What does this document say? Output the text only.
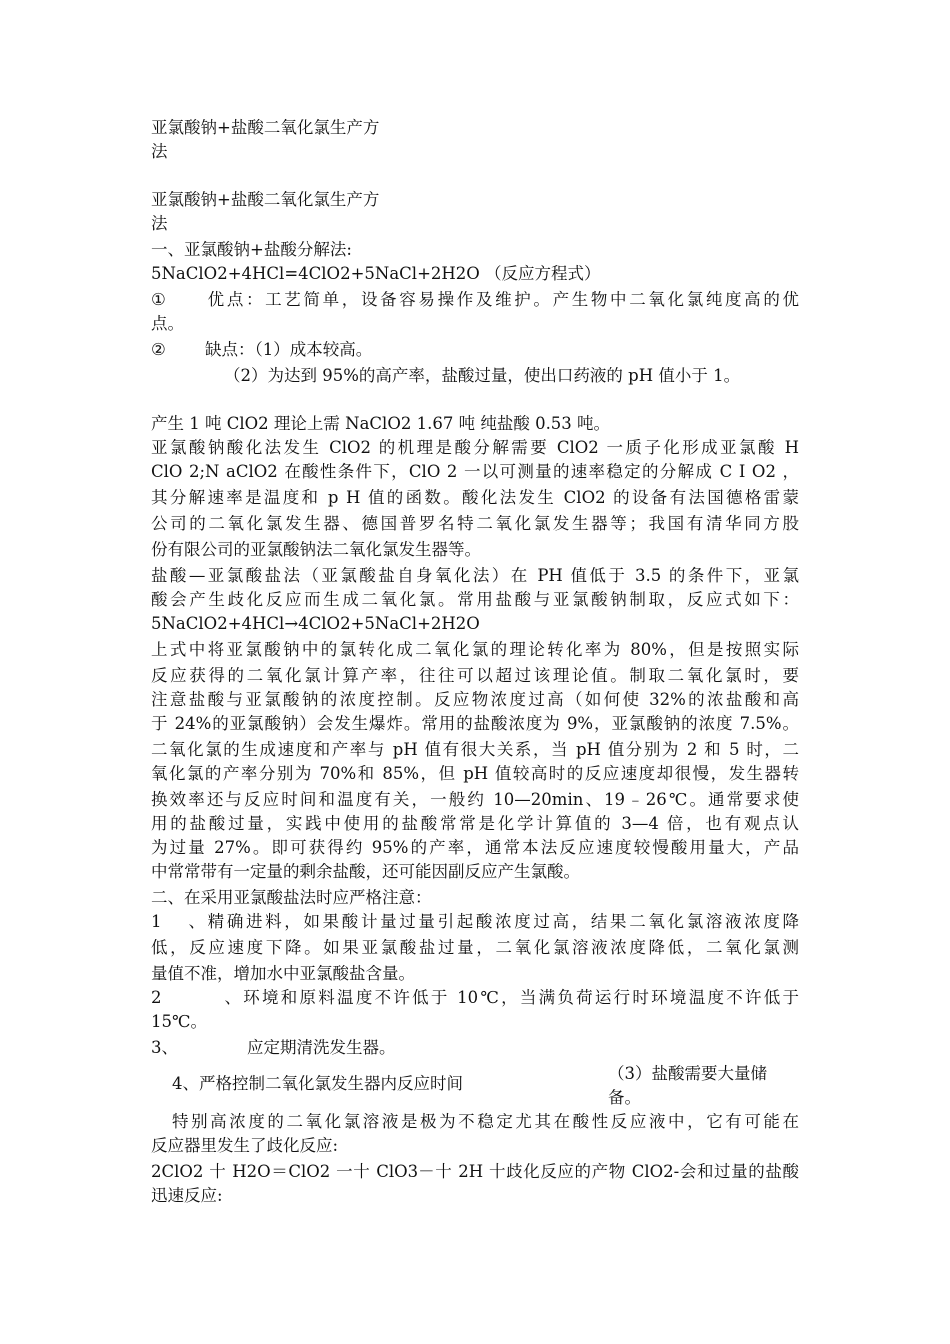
亚氯酸钠+盐酸二氧化氯生产方
法
亚氯酸钠+盐酸二氧化氯生产方
法
一、亚氯酸钠+盐酸分解法:
5NaClO2+4HCl=4ClO2+5NaCl+2H2O （反应方程式）
① 优点：工艺简单，设备容易操作及维护。产生物中二氧化氯纯度高的优
点。
② 缺点：（1）成本较高。
（2）为达到 95%的高产率，盐酸过量，使出口药液的 pH 值小于 1。
产生 1 吨 ClO2 理论上需 NaClO2 1.67 吨 纯盐酸 0.53 吨。
亚氯酸钠酸化法发生 ClO2 的机理是酸分解需要 ClO2 一质子化形成亚氯酸 H
ClO 2;N aClO2 在酸性条件下，ClO 2 一以可测量的速率稳定的分解成 C I O2 ，
其分解速率是温度和 p H 值的函数。酸化法发生 ClO2 的设备有法国德格雷蒙
公司的二氧化氯发生器、德国普罗名特二氧化氯发生器等；我国有清华同方股
份有限公司的亚氯酸钠法二氧化氯发生器等。
盐酸—亚氯酸盐法（亚氯酸盐自身氧化法）在 PH 值低于 3.5 的条件下，亚氯
酸会产生歧化反应而生成二氧化氯。常用盐酸与亚氯酸钠制取，反应式如下：
5NaClO2+4HCl→4ClO2+5NaCl+2H2O
上式中将亚氯酸钠中的氯转化成二氧化氯的理论转化率为 80%，但是按照实际
反应获得的二氧化氯计算产率，往往可以超过该理论值。制取二氧化氯时，要
注意盐酸与亚氯酸钠的浓度控制。反应物浓度过高（如何使 32%的浓盐酸和高
于 24%的亚氯酸钠）会发生爆炸。常用的盐酸浓度为 9%，亚氯酸钠的浓度 7.5%。
二氧化氯的生成速度和产率与 pH 值有很大关系，当 pH 值分别为 2 和 5 时，二
氧化氯的产率分别为 70%和 85%，但 pH 值较高时的反应速度却很慢，发生器转
换效率还与反应时间和温度有关，一般约 10—20min、19﹣26℃。通常要求使
用的盐酸过量，实践中使用的盐酸常常是化学计算值的 3—4 倍，也有观点认
为过量 27%。即可获得约 95%的产率，通常本法反应速度较慢酸用量大，产品
中常常带有一定量的剩余盐酸，还可能因副反应产生氯酸。
二、在采用亚氯酸盐法时应严格注意：
1、精确进料，如果酸计量过量引起酸浓度过高，结果二氧化氯溶液浓度降
低，反应速度下降。如果亚氯酸盐过量，二氧化氯溶液浓度降低，二氧化氯测
量值不准，增加水中亚氯酸盐含量。
2、环境和原料温度不许低于 10℃，当满负荷运行时环境温度不许低于
15℃。
3、	应定期清洗发生器。
4、严格控制二氧化氯发生器内反应时间
（3）盐酸需要大量储备。
特别高浓度的二氧化氯溶液是极为不稳定尤其在酸性反应液中，它有可能在
反应器里发生了歧化反应:
2ClO2 十 H2O＝ClO2 一十 ClO3－十 2H 十歧化反应的产物 ClO2-会和过量的盐酸
迅速反应:
